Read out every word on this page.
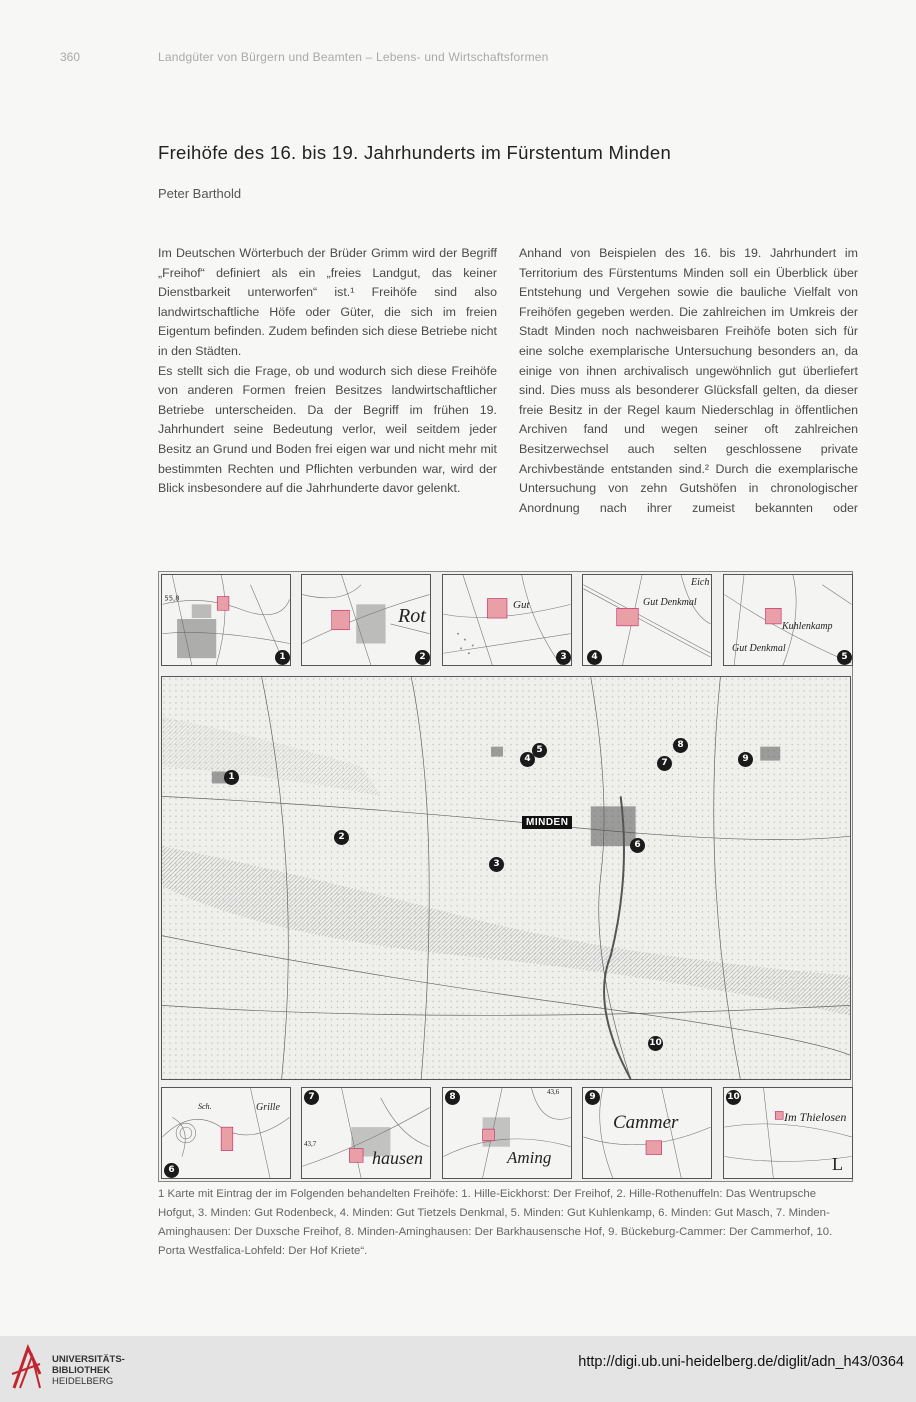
360	Landgüter von Bürgern und Beamten – Lebens- und Wirtschaftsformen
Freihöfe des 16. bis 19. Jahrhunderts im Fürstentum Minden
Peter Barthold

Im Deutschen Wörterbuch der Brüder Grimm wird der Begriff „Freihof“ definiert als ein „freies Landgut, das keiner Dienstbarkeit unterworfen“ ist.¹ Freihöfe sind also landwirtschaftliche Höfe oder Güter, die sich im freien Eigentum befinden. Zudem befinden sich diese Betriebe nicht in den Städten.

Es stellt sich die Frage, ob und wodurch sich diese Freihöfe von anderen Formen freien Besitzes landwirtschaftlicher Betriebe unterscheiden. Da der Begriff im frühen 19. Jahrhundert seine Bedeutung verlor, weil seitdem jeder Besitz an Grund und Boden frei eigen war und nicht mehr mit bestimmten Rechten und Pflichten verbunden war, wird der Blick insbesondere auf die Jahrhunderte davor gelenkt.

Anhand von Beispielen des 16. bis 19. Jahrhundert im Territorium des Fürstentums Minden soll ein Überblick über Entstehung und Vergehen sowie die bauliche Vielfalt von Freihöfen gegeben werden. Die zahlreichen im Umkreis der Stadt Minden noch nachweisbaren Freihöfe boten sich für eine solche exemplarische Untersuchung besonders an, da einige von ihnen archivalisch ungewöhnlich gut überliefert sind. Dies muss als besonderer Glücksfall gelten, da dieser freie Besitz in der Regel kaum Niederschlag in öffentlichen Archiven fand und wegen seiner oft zahlreichen Besitzerwechsel auch selten geschlossene private Archivbestände entstanden sind.² Durch die exemplarische Untersuchung von zehn Gutshöfen in chronologischer Anordnung nach ihrer zumeist bekannten oder

55,8
1
Rot
2
Gut
3
Gut Denkmal
Eich
4
Kuhlenkamp
Gut Denkmal
5
MINDEN
1
2
3
4
5
6
7
8
9
10
Sch.	Grille
6
hausen
43,7
7
Aming
43,6
8
Cammer
9
Im Thielosen
L
10
1 Karte mit Eintrag der im Folgenden behandelten Freihöfe: 1. Hille-Eickhorst: Der Freihof, 2. Hille-Rothenuffeln: Das Wentrupsche Hofgut, 3. Minden: Gut Rodenbeck, 4. Minden: Gut Tietzels Denkmal, 5. Minden: Gut Kuhlenkamp, 6. Minden: Gut Masch, 7. Minden-Aminghausen: Der Duxsche Freihof, 8. Minden-Aminghausen: Der Barkhausensche Hof, 9. Bückeburg-Cammer: Der Cammerhof, 10. Porta Westfalica-Lohfeld: Der Hof Kriete“.
UNIVERSITÄTS-
BIBLIOTHEK
HEIDELBERG
http://digi.ub.uni-heidelberg.de/diglit/adn_h43/0364
